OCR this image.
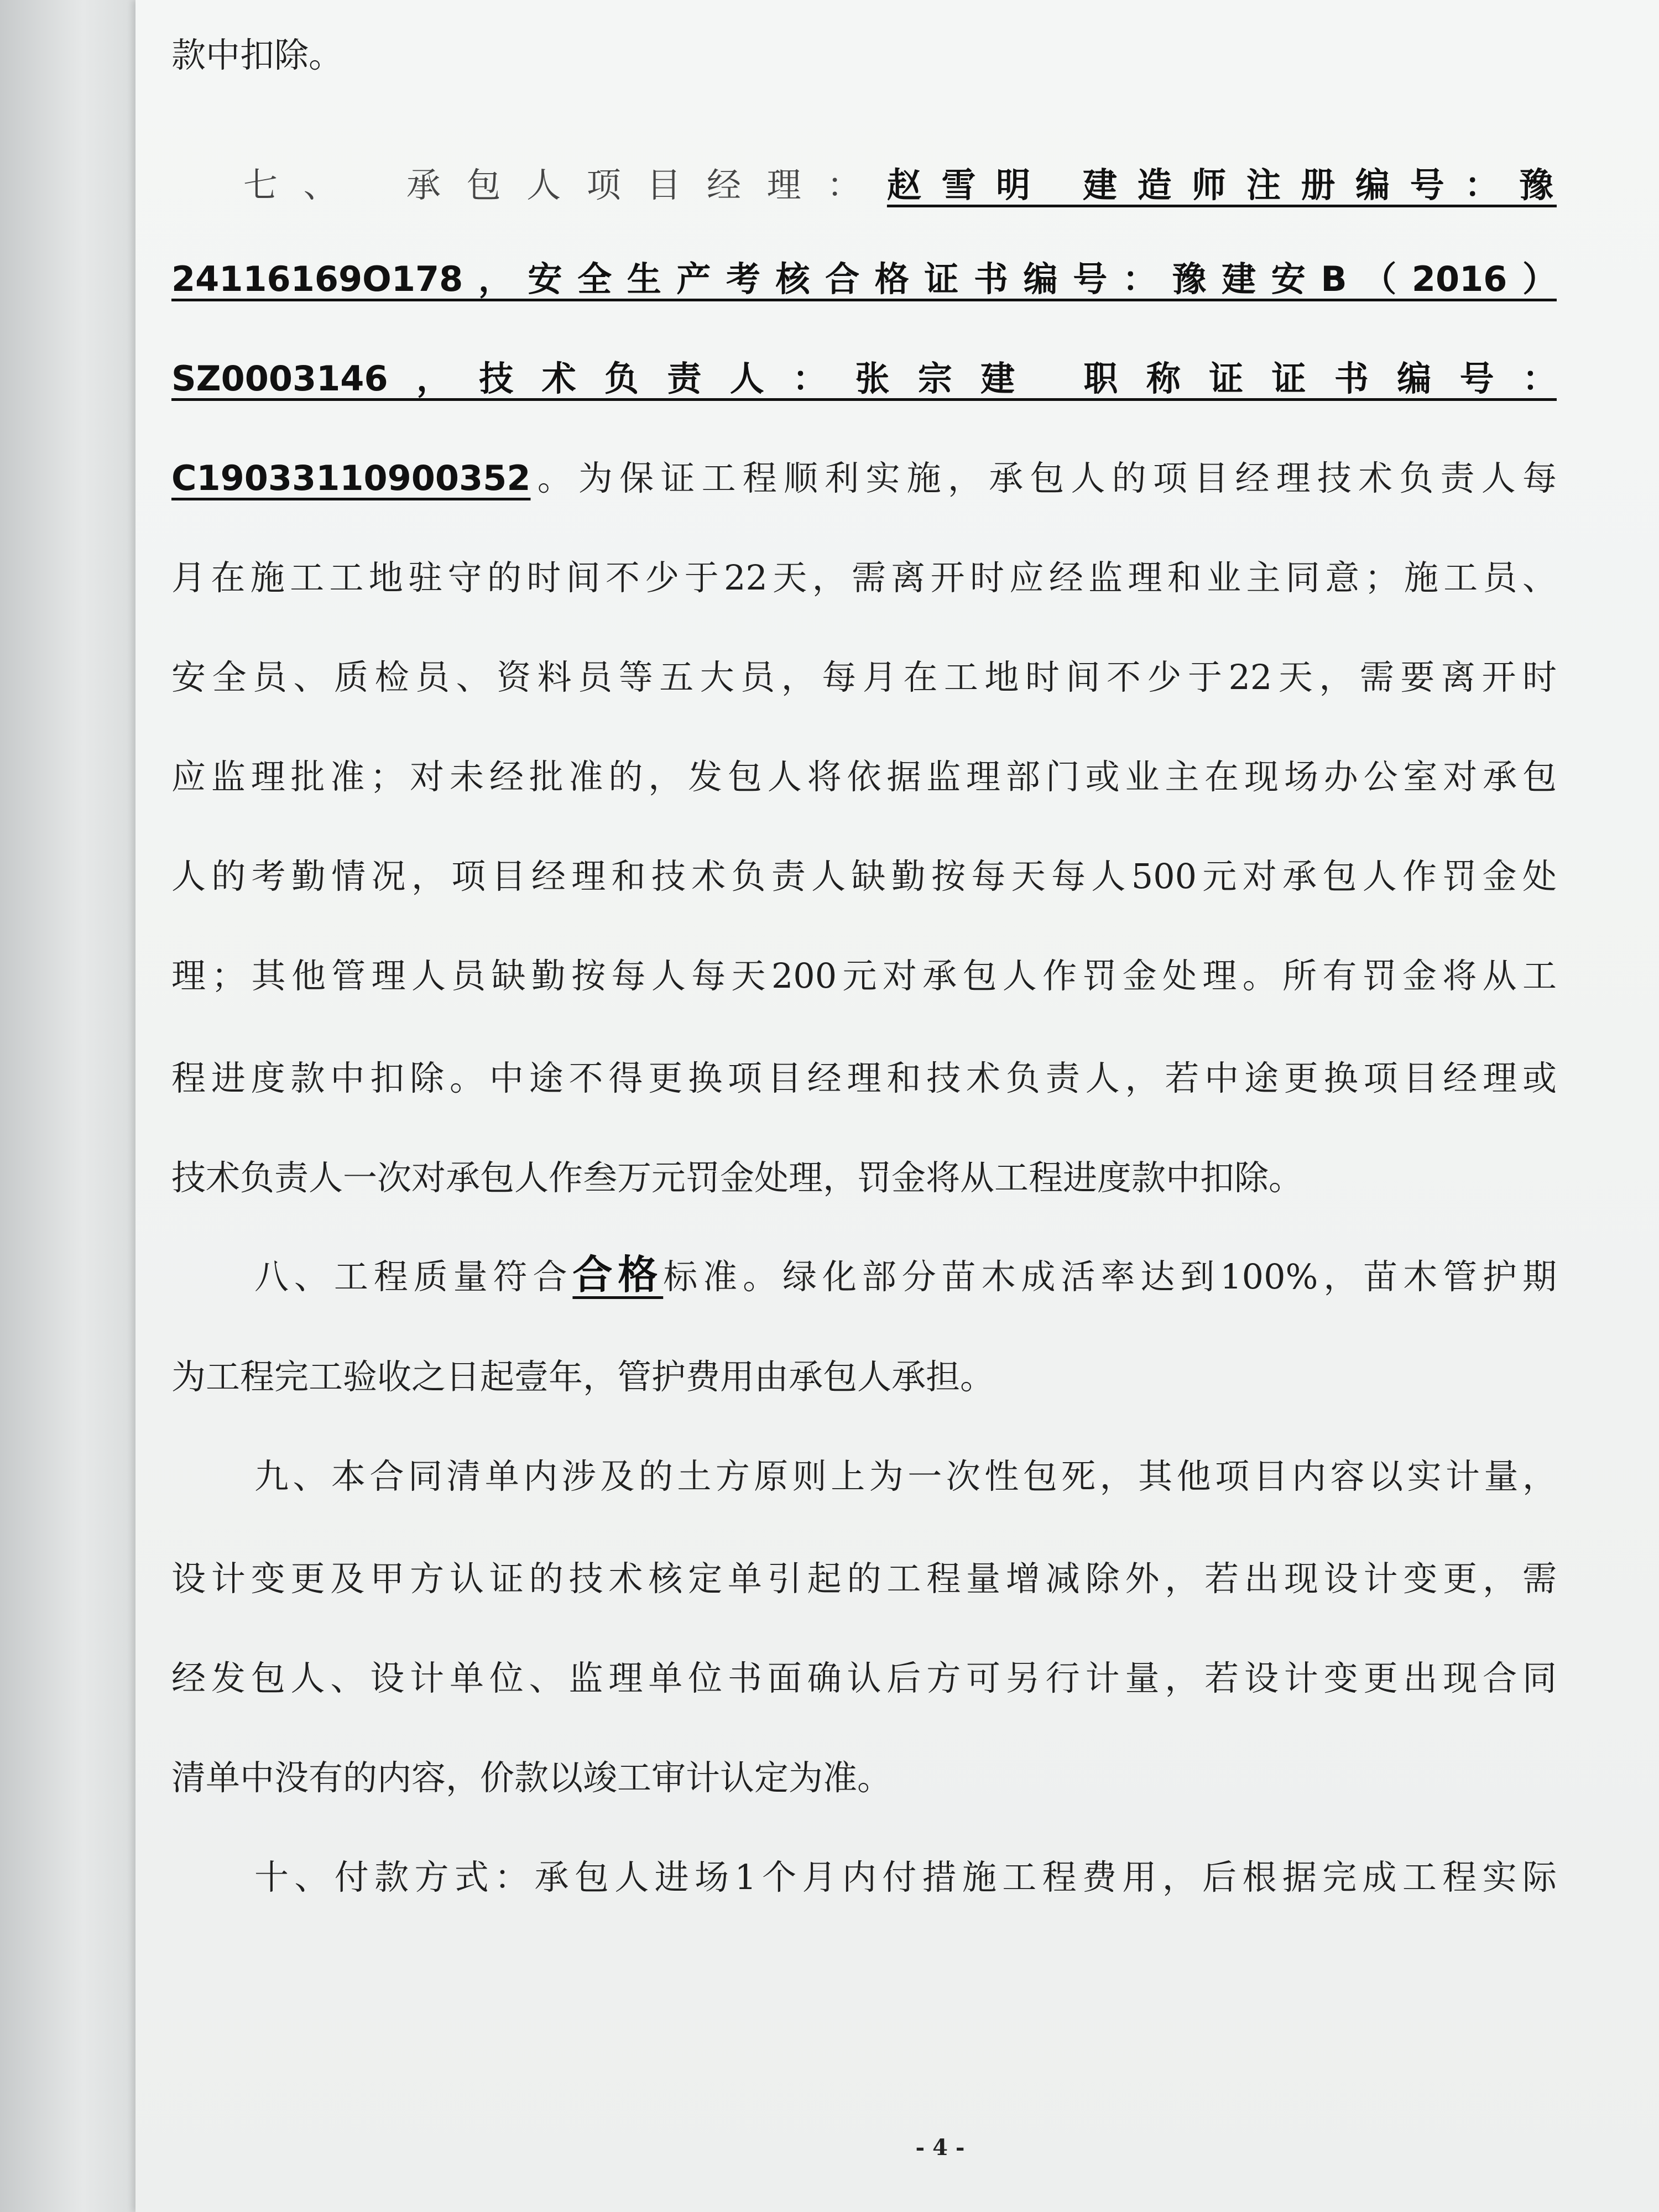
款中扣除。
七、　承包人项目经理：赵雪明 建造师注册编号：豫
24116169O178，安全生产考核合格证书编号：豫建安B（2016）
SZ0003146，技术负责人：张宗建 职称证证书编号：
C19033110900352。为保证工程顺利实施，承包人的项目经理技术负责人每
月在施工工地驻守的时间不少于22天，需离开时应经监理和业主同意；施工员、
安全员、质检员、资料员等五大员，每月在工地时间不少于22天，需要离开时
应监理批准；对未经批准的，发包人将依据监理部门或业主在现场办公室对承包
人的考勤情况，项目经理和技术负责人缺勤按每天每人500元对承包人作罚金处
理；其他管理人员缺勤按每人每天200元对承包人作罚金处理。所有罚金将从工
程进度款中扣除。中途不得更换项目经理和技术负责人，若中途更换项目经理或
技术负责人一次对承包人作叁万元罚金处理，罚金将从工程进度款中扣除。
八、工程质量符合合格标准。绿化部分苗木成活率达到100%，苗木管护期
为工程完工验收之日起壹年，管护费用由承包人承担。
九、本合同清单内涉及的土方原则上为一次性包死，其他项目内容以实计量，
设计变更及甲方认证的技术核定单引起的工程量增减除外，若出现设计变更，需
经发包人、设计单位、监理单位书面确认后方可另行计量，若设计变更出现合同
清单中没有的内容，价款以竣工审计认定为准。
十、付款方式：承包人进场1个月内付措施工程费用，后根据完成工程实际
- 4 -
